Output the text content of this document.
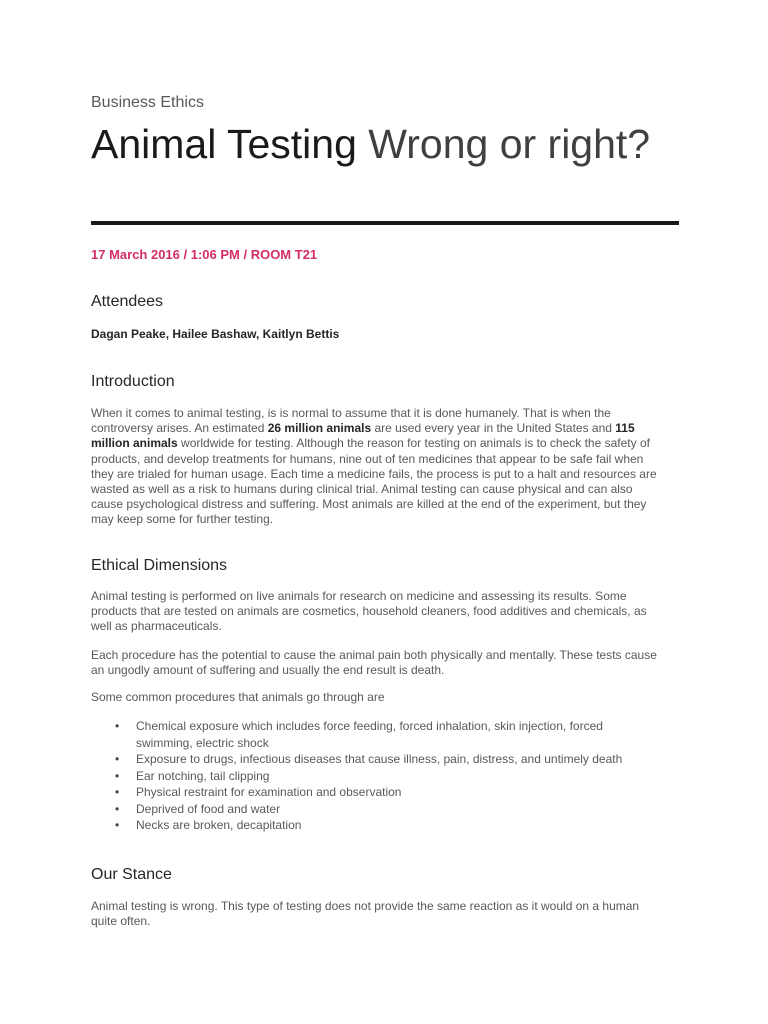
Business Ethics

Animal Testing Wrong or right?

17 March 2016 / 1:06 PM / ROOM T21

Attendees

Dagan Peake, Hailee Bashaw, Kaitlyn Bettis

Introduction

When it comes to animal testing, is is normal to assume that it is done humanely. That is when the controversy arises. An estimated 26 million animals are used every year in the United States and 115 million animals worldwide for testing. Although the reason for testing on animals is to check the safety of products, and develop treatments for humans, nine out of ten medicines that appear to be safe fail when they are trialed for human usage. Each time a medicine fails, the process is put to a halt and resources are wasted as well as a risk to humans during clinical trial. Animal testing can cause physical and can also cause psychological distress and suffering. Most animals are killed at the end of the experiment, but they may keep some for further testing.

Ethical Dimensions

Animal testing is performed on live animals for research on medicine and assessing its results. Some products that are tested on animals are cosmetics, household cleaners, food additives and chemicals, as well as pharmaceuticals.

Each procedure has the potential to cause the animal pain both physically and mentally. These tests cause an ungodly amount of suffering and usually the end result is death.

Some common procedures that animals go through are

• Chemical exposure which includes force feeding, forced inhalation, skin injection, forced swimming, electric shock
• Exposure to drugs, infectious diseases that cause illness, pain, distress, and untimely death
• Ear notching, tail clipping
• Physical restraint for examination and observation
• Deprived of food and water
• Necks are broken, decapitation
Our Stance

Animal testing is wrong. This type of testing does not provide the same reaction as it would on a human quite often.
